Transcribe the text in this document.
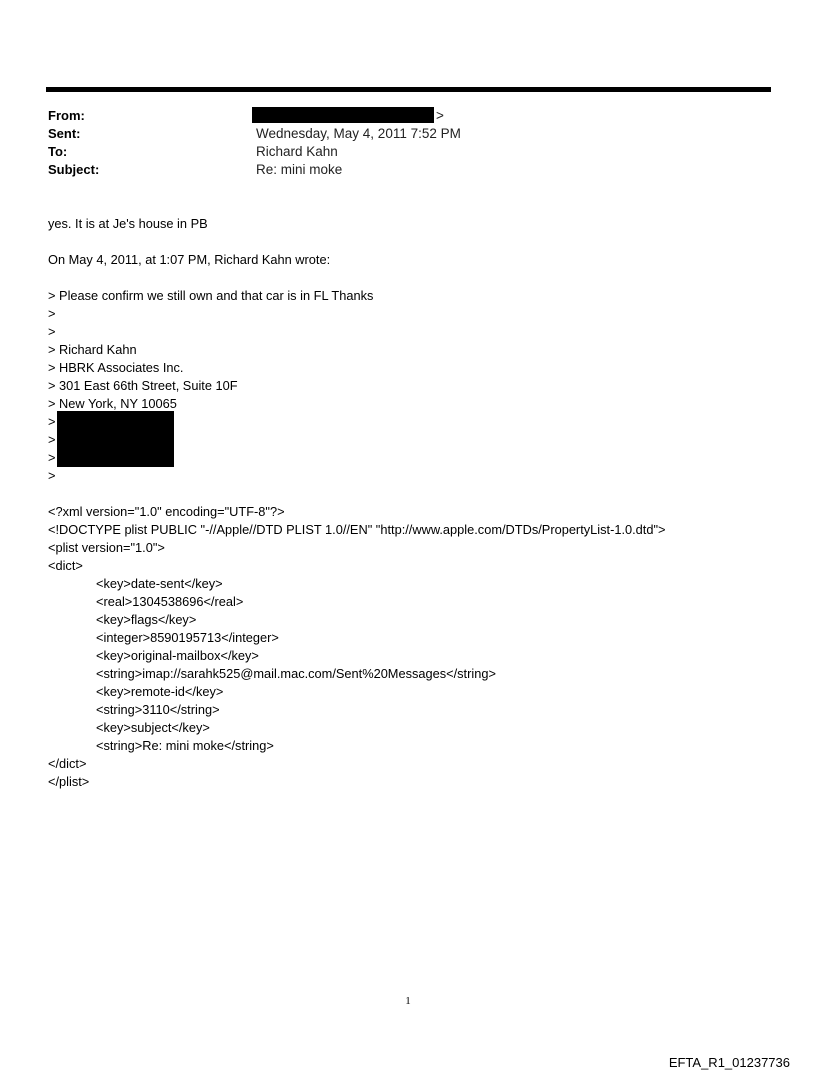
From:	>
Sent:	Wednesday, May 4, 2011 7:52 PM
To:	Richard Kahn
Subject:	Re: mini moke
yes. It is at Je's house in PB
On May 4, 2011, at 1:07 PM, Richard Kahn wrote:
> Please confirm we still own and that car is in FL Thanks
>
>
> Richard Kahn
> HBRK Associates Inc.
> 301 East 66th Street, Suite 10F
> New York, NY 10065
>
>
>
>
<?xml version="1.0" encoding="UTF-8"?>
<!DOCTYPE plist PUBLIC "-//Apple//DTD PLIST 1.0//EN" "http://www.apple.com/DTDs/PropertyList-1.0.dtd">
<plist version="1.0">
<dict>
<key>date-sent</key>
<real>1304538696</real>
<key>flags</key>
<integer>8590195713</integer>
<key>original-mailbox</key>
<string>imap://sarahk525@mail.mac.com/Sent%20Messages</string>
<key>remote-id</key>
<string>3110</string>
<key>subject</key>
<string>Re: mini moke</string>
</dict>
</plist>
1
EFTA_R1_01237736
